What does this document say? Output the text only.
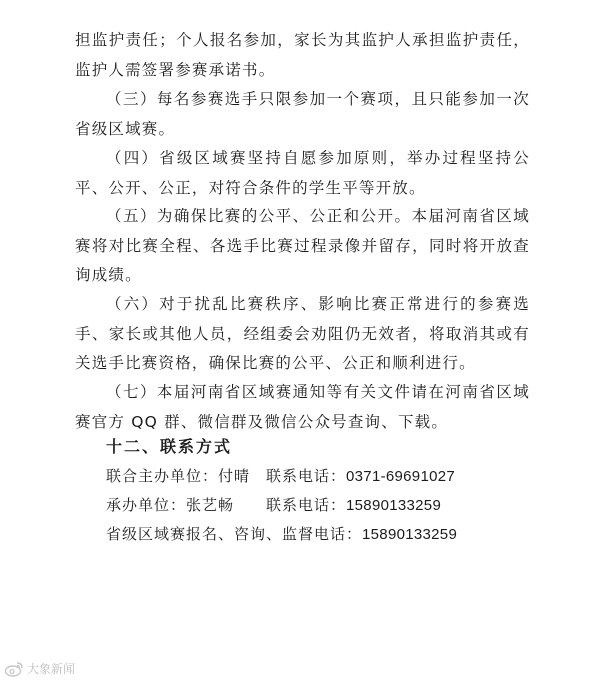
担监护责任；个人报名参加，家长为其监护人承担监护责任，监护人需签署参赛承诺书。

（三）每名参赛选手只限参加一个赛项，且只能参加一次省级区域赛。

（四）省级区域赛坚持自愿参加原则，举办过程坚持公平、公开、公正，对符合条件的学生平等开放。

（五）为确保比赛的公平、公正和公开。本届河南省区域赛将对比赛全程、各选手比赛过程录像并留存，同时将开放查询成绩。

（六）对于扰乱比赛秩序、影响比赛正常进行的参赛选手、家长或其他人员，经组委会劝阻仍无效者，将取消其或有关选手比赛资格，确保比赛的公平、公正和顺利进行。

（七）本届河南省区域赛通知等有关文件请在河南省区域赛官方 QQ 群、微信群及微信公众号查询、下载。

十二、联系方式
联合主办单位：付晴 联系电话：0371-69691027
承办单位：张艺畅 联系电话：15890133259
省级区域赛报名、咨询、监督电话：15890133259
大象新闻
